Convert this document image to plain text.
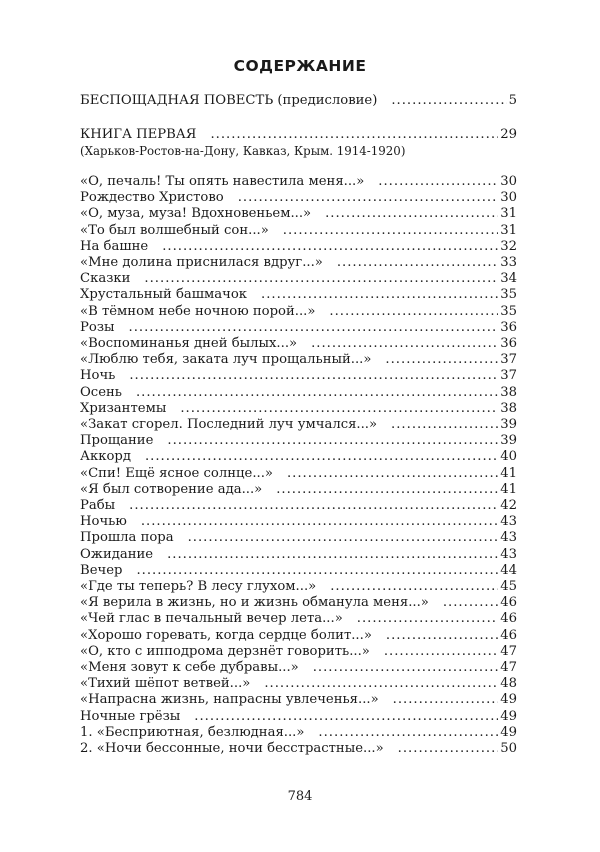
СОДЕРЖАНИЕ
БЕСПОЩАДНАЯ ПОВЕСТЬ (предисловие) .....	5
КНИГА ПЕРВАЯ .....	29
(Харьков-Ростов-на-Дону, Кавказ, Крым. 1914-1920)
«О, печаль! Ты опять навестила меня...» .....	30
Рождество Христово .....	30
«О, муза, муза! Вдохновеньем...» .....	31
«То был волшебный сон...» .....	31
На башне .....	32
«Мне долина приснилася вдруг...» .....	33
Сказки .....	34
Хрустальный башмачок .....	35
«В тёмном небе ночною порой...» .....	35
Розы .....	36
«Воспоминанья дней былых...» .....	36
«Люблю тебя, заката луч прощальный...» .....	37
Ночь .....	37
Осень .....	38
Хризантемы .....	38
«Закат сгорел. Последний луч умчался...» .....	39
Прощание .....	39
Аккорд .....	40
«Спи! Ещё ясное солнце...» .....	41
«Я был сотворение ада...» .....	41
Рабы .....	42
Ночью .....	43
Прошла пора .....	43
Ожидание .....	43
Вечер .....	44
«Где ты теперь? В лесу глухом...» .....	45
«Я верила в жизнь, но и жизнь обманула меня...» .....	46
«Чей глас в печальный вечер лета...» .....	46
«Хорошо горевать, когда сердце болит...» .....	46
«О, кто с ипподрома дерзнёт говорить...» .....	47
«Меня зовут к себе дубравы...» .....	47
«Тихий шёпот ветвей...» .....	48
«Напрасна жизнь, напрасны увлеченья...» .....	49
Ночные грёзы .....	49
1. «Бесприютная, безлюдная...» .....	49
2. «Ночи бессонные, ночи бесстрастные...» .....	50
784
